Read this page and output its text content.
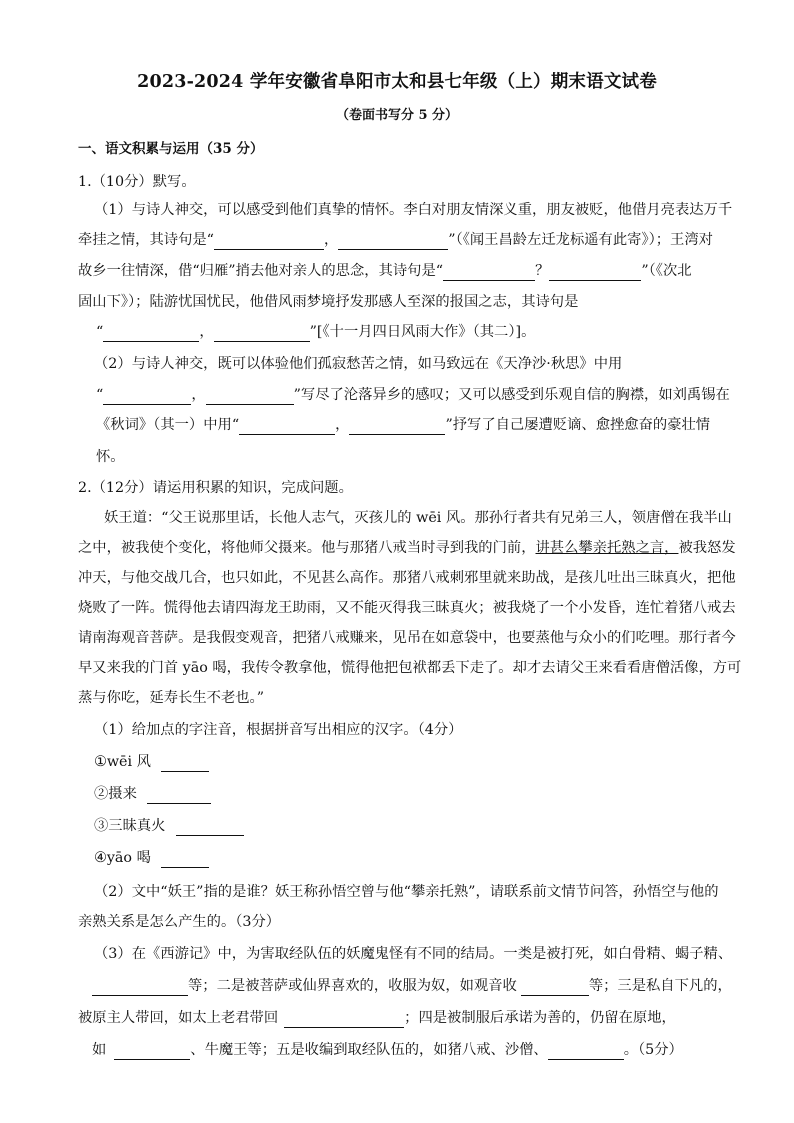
2023-2024 学年安徽省阜阳市太和县七年级（上）期末语文试卷
（卷面书写分 5 分）
一、语文积累与运用（35 分）
1.（10分）默写。
（1）与诗人神交，可以感受到他们真挚的情怀。李白对朋友情深义重，朋友被贬，他借月亮表达万千
牵挂之情，其诗句是“	，	”（《闻王昌龄左迁龙标遥有此寄》）；王湾对
故乡一往情深，借“归雁”捎去他对亲人的思念，其诗句是“	？	”（《次北
固山下》）；陆游忧国忧民，他借风雨梦境抒发那感人至深的报国之志，其诗句是
“	，	”[《十一月四日风雨大作》（其二）]。
（2）与诗人神交，既可以体验他们孤寂愁苦之情，如马致远在《天净沙·秋思》中用
“	，	”写尽了沦落异乡的感叹；又可以感受到乐观自信的胸襟，如刘禹锡在
《秋词》（其一）中用“	，	”抒写了自己屡遭贬谪、愈挫愈奋的豪壮情
怀。
2.（12分）请运用积累的知识，完成问题。
妖王道：“父王说那里话，长他人志气，灭孩儿的 wēi 风。那孙行者共有兄弟三人，领唐僧在我半山
之中，被我使个变化，将他师父摄来。他与那猪八戒当时寻到我的门前，讲甚么攀亲托熟之言，被我怒发
冲天，与他交战几合，也只如此，不见甚么高作。那猪八戒刺邪里就来助战，是孩儿吐出三昧真火，把他
烧败了一阵。慌得他去请四海龙王助雨，又不能灭得我三昧真火；被我烧了一个小发昏，连忙着猪八戒去
请南海观音菩萨。是我假变观音，把猪八戒赚来，见吊在如意袋中，也要蒸他与众小的们吃哩。那行者今
早又来我的门首 yāo 喝，我传令教拿他，慌得他把包袱都丢下走了。却才去请父王来看看唐僧活像，方可
蒸与你吃，延寿长生不老也。”
（1）给加点的字注音，根据拼音写出相应的汉字。（4分）
①wēi 风
②摄来
③三昧真火
④yāo 喝
（2）文中“妖王”指的是谁？妖王称孙悟空曾与他“攀亲托熟”，请联系前文情节问答，孙悟空与他的
亲熟关系是怎么产生的。（3分）
（3）在《西游记》中，为害取经队伍的妖魔鬼怪有不同的结局。一类是被打死，如白骨精、蝎子精、
等；二是被菩萨或仙界喜欢的，收服为奴，如观音收	等；三是私自下凡的，
被原主人带回，如太上老君带回	；四是被制服后承诺为善的，仍留在原地，
如	、牛魔王等；五是收编到取经队伍的，如猪八戒、沙僧、	。（5分）
